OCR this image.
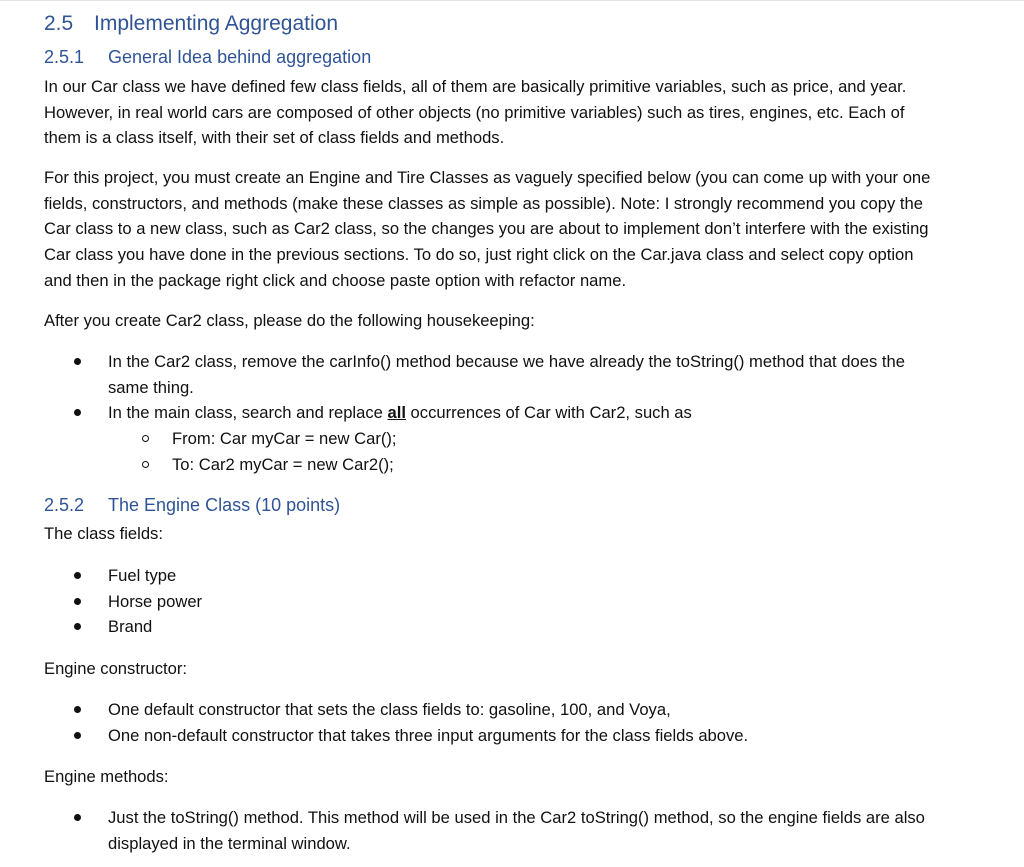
2.5 Implementing Aggregation
2.5.1 General Idea behind aggregation
In our Car class we have defined few class fields, all of them are basically primitive variables, such as price, and year.
However, in real world cars are composed of other objects (no primitive variables) such as tires, engines, etc. Each of
them is a class itself, with their set of class fields and methods.
For this project, you must create an Engine and Tire Classes as vaguely specified below (you can come up with your one
fields, constructors, and methods (make these classes as simple as possible). Note: I strongly recommend you copy the
Car class to a new class, such as Car2 class, so the changes you are about to implement don’t interfere with the existing
Car class you have done in the previous sections. To do so, just right click on the Car.java class and select copy option
and then in the package right click and choose paste option with refactor name.
After you create Car2 class, please do the following housekeeping:
In the Car2 class, remove the carInfo() method because we have already the toString() method that does the
same thing.
In the main class, search and replace all occurrences of Car with Car2, such as
From: Car myCar = new Car();
To: Car2 myCar = new Car2();
2.5.2 The Engine Class (10 points)
The class fields:
Fuel type
Horse power
Brand
Engine constructor:
One default constructor that sets the class fields to: gasoline, 100, and Voya,
One non-default constructor that takes three input arguments for the class fields above.
Engine methods:
Just the toString() method. This method will be used in the Car2 toString() method, so the engine fields are also
displayed in the terminal window.
